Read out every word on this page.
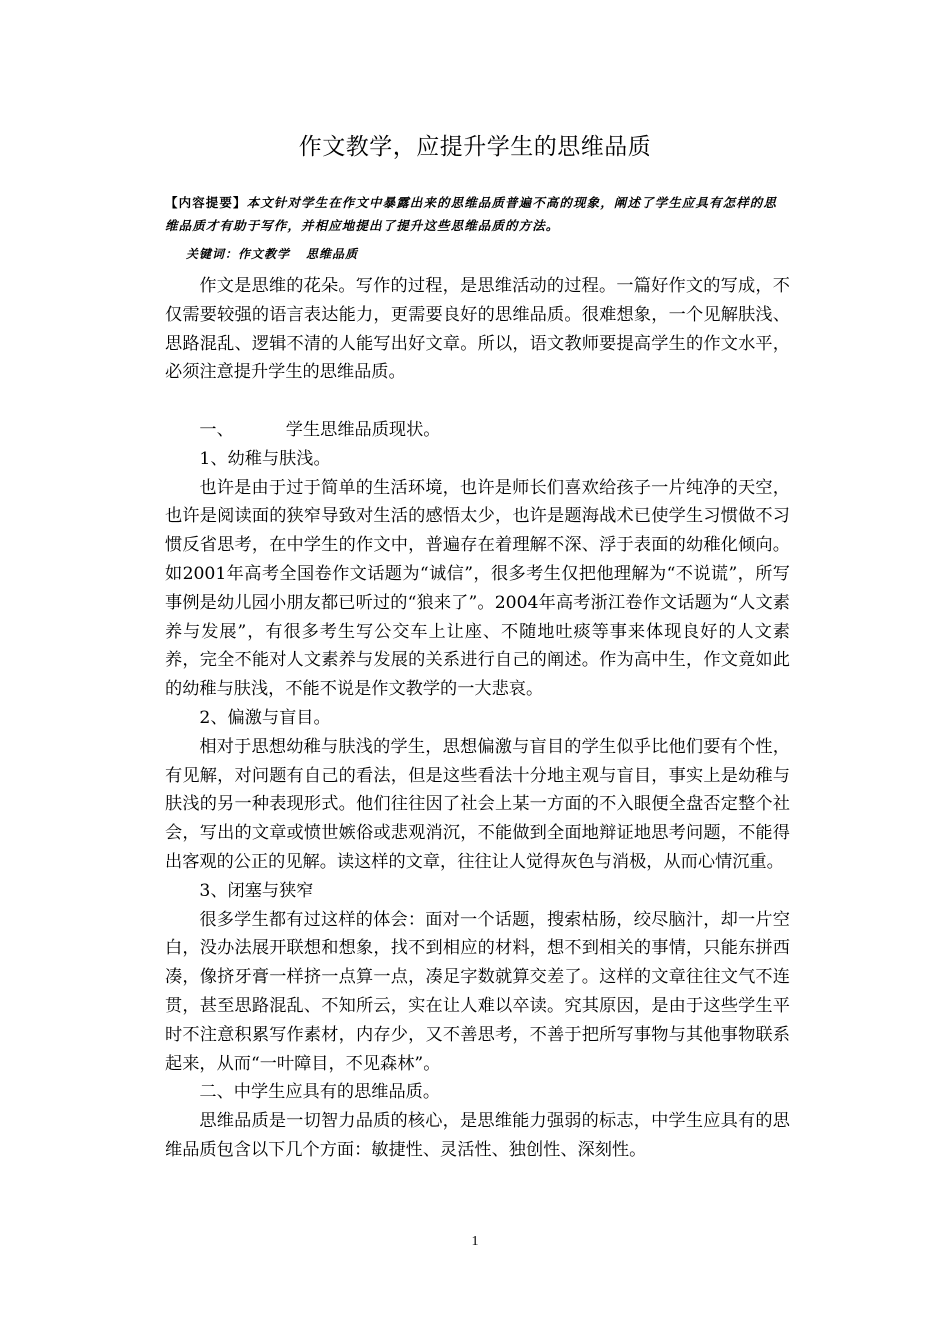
作文教学，应提升学生的思维品质
【内容提要】本文针对学生在作文中暴露出来的思维品质普遍不高的现象，阐述了学生应具有怎样的思维品质才有助于写作，并相应地提出了提升这些思维品质的方法。
关键词：作文教学 思维品质

作文是思维的花朵。写作的过程，是思维活动的过程。一篇好作文的写成，不仅需要较强的语言表达能力，更需要良好的思维品质。很难想象，一个见解肤浅、思路混乱、逻辑不清的人能写出好文章。所以，语文教师要提高学生的作文水平，必须注意提升学生的思维品质。

一、	学生思维品质现状。

1、幼稚与肤浅。

也许是由于过于简单的生活环境，也许是师长们喜欢给孩子一片纯净的天空，也许是阅读面的狭窄导致对生活的感悟太少，也许是题海战术已使学生习惯做不习惯反省思考，在中学生的作文中，普遍存在着理解不深、浮于表面的幼稚化倾向。如2001年高考全国卷作文话题为“诚信”，很多考生仅把他理解为“不说谎”，所写事例是幼儿园小朋友都已听过的“狼来了”。2004年高考浙江卷作文话题为“人文素养与发展”，有很多考生写公交车上让座、不随地吐痰等事来体现良好的人文素养，完全不能对人文素养与发展的关系进行自己的阐述。作为高中生，作文竟如此的幼稚与肤浅，不能不说是作文教学的一大悲哀。

2、偏激与盲目。

相对于思想幼稚与肤浅的学生，思想偏激与盲目的学生似乎比他们要有个性，有见解，对问题有自己的看法，但是这些看法十分地主观与盲目，事实上是幼稚与肤浅的另一种表现形式。他们往往因了社会上某一方面的不入眼便全盘否定整个社会，写出的文章或愤世嫉俗或悲观消沉，不能做到全面地辩证地思考问题，不能得出客观的公正的见解。读这样的文章，往往让人觉得灰色与消极，从而心情沉重。

3、闭塞与狭窄

很多学生都有过这样的体会：面对一个话题，搜索枯肠，绞尽脑汁，却一片空白，没办法展开联想和想象，找不到相应的材料，想不到相关的事情，只能东拼西凑，像挤牙膏一样挤一点算一点，凑足字数就算交差了。这样的文章往往文气不连贯，甚至思路混乱、不知所云，实在让人难以卒读。究其原因，是由于这些学生平时不注意积累写作素材，内存少，又不善思考，不善于把所写事物与其他事物联系起来，从而“一叶障目，不见森林”。

二、中学生应具有的思维品质。

思维品质是一切智力品质的核心，是思维能力强弱的标志，中学生应具有的思维品质包含以下几个方面：敏捷性、灵活性、独创性、深刻性。

1
